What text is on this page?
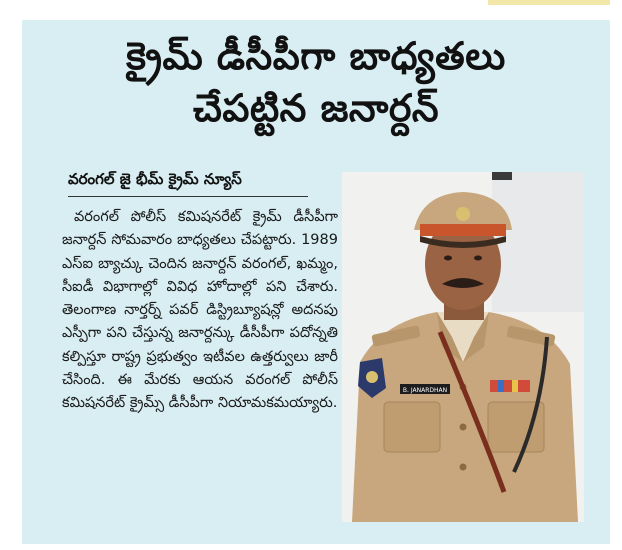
క్రైమ్ డీసీపీగా బాధ్యతలు
చేపట్టిన జనార్దన్
వరంగల్ జై భీమ్ క్రైమ్ న్యూస్
వరంగల్ పోలీస్ కమిషనరేట్ క్రైమ్ డీసీపీగా జనార్దన్ సోమవారం బాధ్యతలు చేపట్టారు. 1989 ఎస్ఐ బ్యాచ్కు చెందిన జనార్దన్ వరంగల్, ఖమ్మం, సీఐడీ విభాగాల్లో వివిధ హోదాల్లో పని చేశారు. తెలంగాణ నార్తర్న్ పవర్ డిస్ట్రిబ్యూషన్లో అదనపు ఎస్పీగా పని చేస్తున్న జనార్దన్కు డీసీపీగా పదోన్నతి కల్పిస్తూ రాష్ట్ర ప్రభుత్వం ఇటీవల ఉత్తర్వులు జారీ చేసింది. ఈ మేరకు ఆయన వరంగల్ పోలీస్ కమిషనరేట్ క్రైమ్స్ డీసీపీగా నియామకమయ్యారు.
B. JANARDHAN
